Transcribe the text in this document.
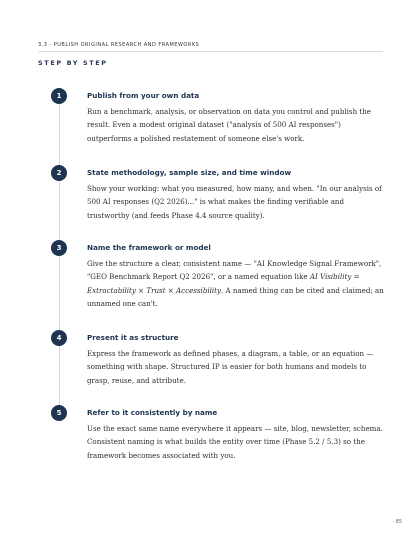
3.3 · PUBLISH ORIGINAL RESEARCH AND FRAMEWORKS
STEP BY STEP
1	Publish from your own data
Run a benchmark, analysis, or observation on data you control and publish the result. Even a modest original dataset ("analysis of 500 AI responses") outperforms a polished restatement of someone else's work.
2	State methodology, sample size, and time window
Show your working: what you measured, how many, and when. "In our analysis of 500 AI responses (Q2 2026)..." is what makes the finding verifiable and trustworthy (and feeds Phase 4.4 source quality).
3	Name the framework or model
Give the structure a clear, consistent name — "AI Knowledge Signal Framework", "GEO Benchmark Report Q2 2026", or a named equation like AI Visibility = Extractability × Trust × Accessibility. A named thing can be cited and claimed; an unnamed one can't.
4	Present it as structure
Express the framework as defined phases, a diagram, a table, or an equation — something with shape. Structured IP is easier for both humans and models to grasp, reuse, and attribute.
5	Refer to it consistently by name
Use the exact same name everywhere it appears — site, blog, newsletter, schema. Consistent naming is what builds the entity over time (Phase 5.2 / 5.3) so the framework becomes associated with you.
· 85
